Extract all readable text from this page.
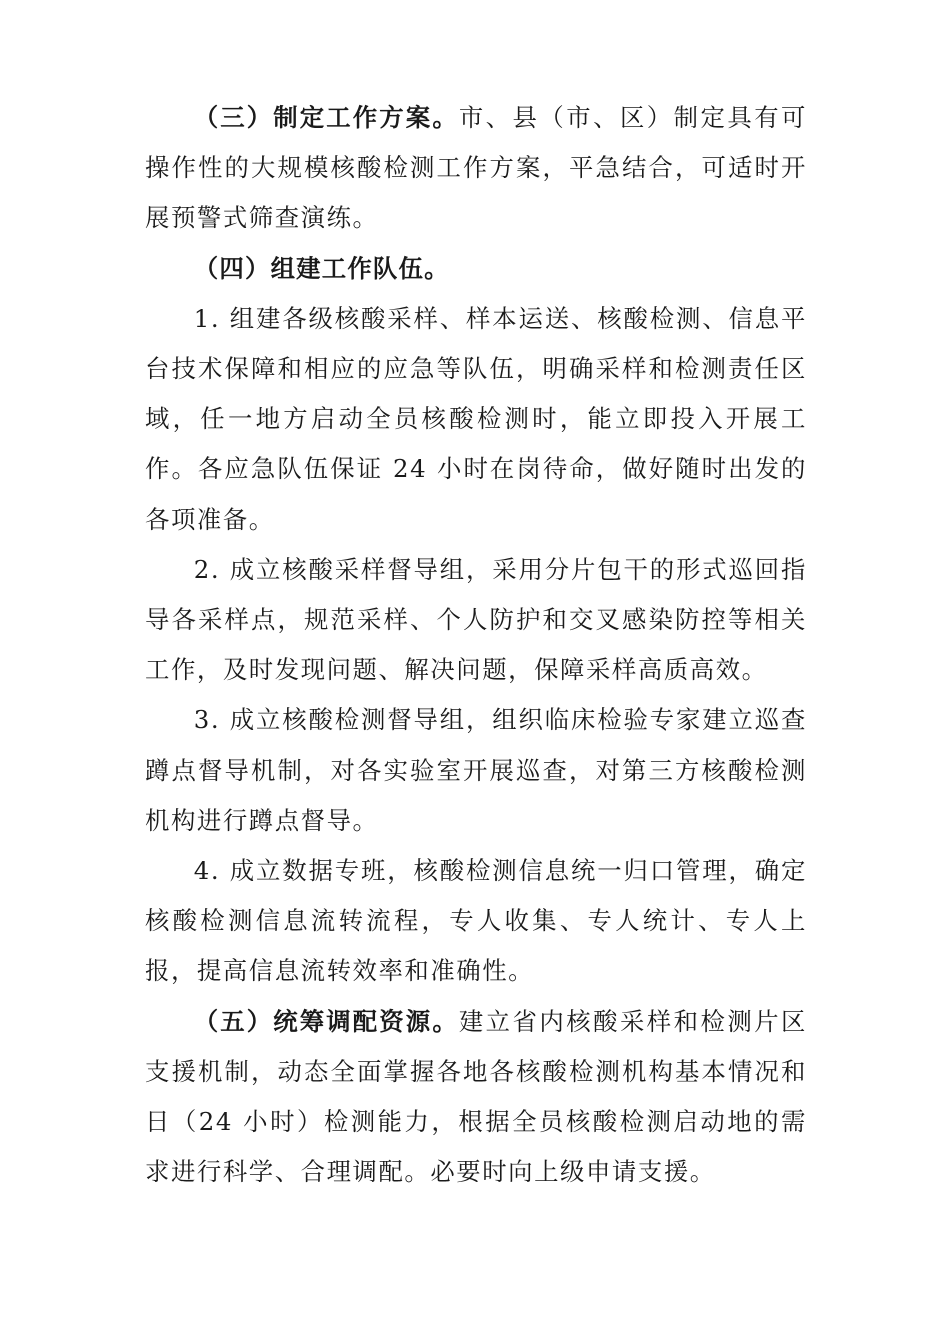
（三）制定工作方案。市、县（市、区）制定具有可操作性的大规模核酸检测工作方案，平急结合，可适时开展预警式筛查演练。

（四）组建工作队伍。

1. 组建各级核酸采样、样本运送、核酸检测、信息平台技术保障和相应的应急等队伍，明确采样和检测责任区域，任一地方启动全员核酸检测时，能立即投入开展工作。各应急队伍保证 24 小时在岗待命，做好随时出发的各项准备。

2. 成立核酸采样督导组，采用分片包干的形式巡回指导各采样点，规范采样、个人防护和交叉感染防控等相关工作，及时发现问题、解决问题，保障采样高质高效。

3. 成立核酸检测督导组，组织临床检验专家建立巡查蹲点督导机制，对各实验室开展巡查，对第三方核酸检测机构进行蹲点督导。

4. 成立数据专班，核酸检测信息统一归口管理，确定核酸检测信息流转流程，专人收集、专人统计、专人上报，提高信息流转效率和准确性。

（五）统筹调配资源。建立省内核酸采样和检测片区支援机制，动态全面掌握各地各核酸检测机构基本情况和日（24 小时）检测能力，根据全员核酸检测启动地的需求进行科学、合理调配。必要时向上级申请支援。
